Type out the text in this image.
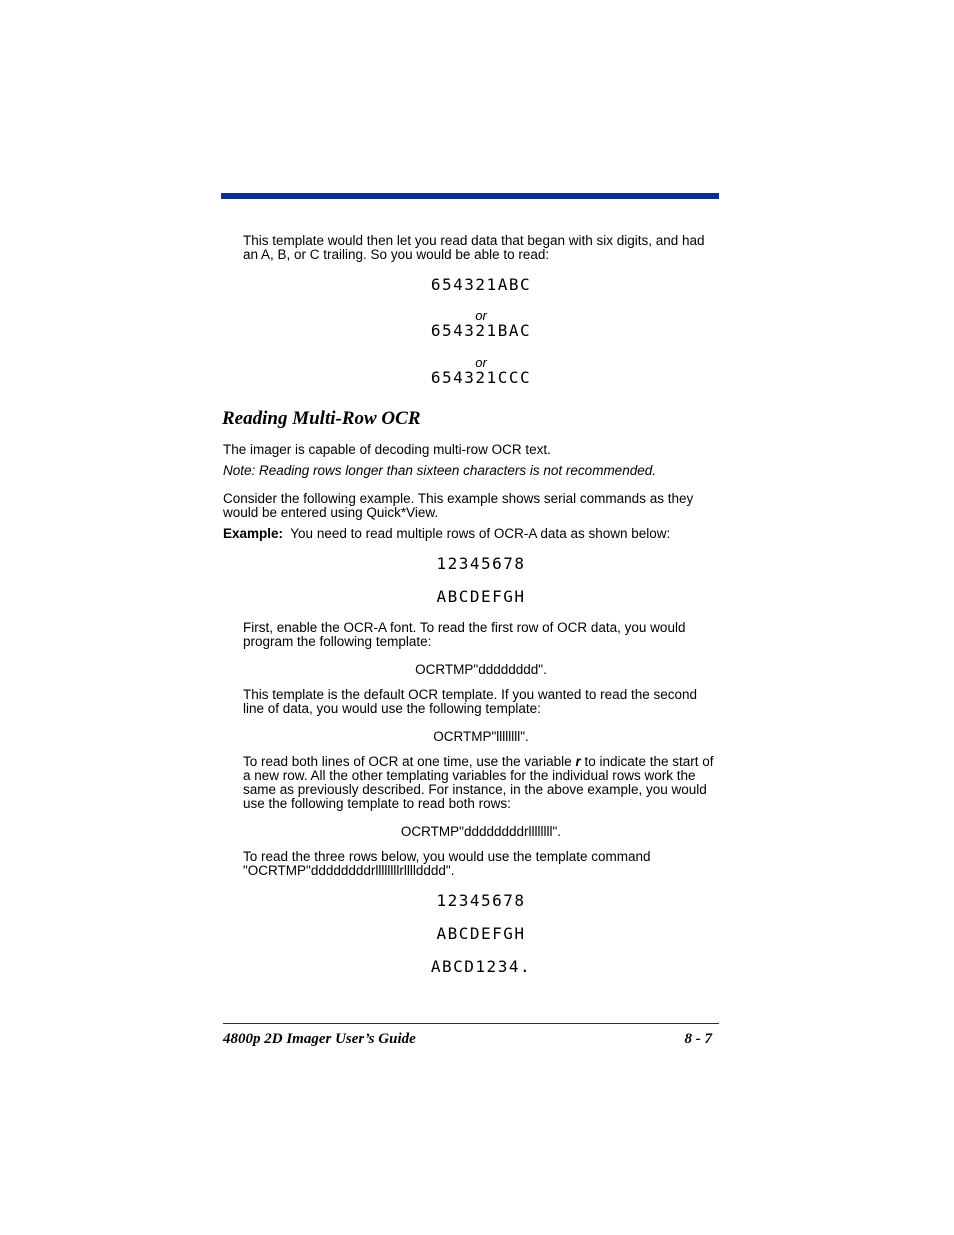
This template would then let you read data that began with six digits, and had an A, B, or C trailing. So you would be able to read:

654321ABC
or
654321BAC
or
654321CCC
Reading Multi-Row OCR

The imager is capable of decoding multi-row OCR text.

Note: Reading rows longer than sixteen characters is not recommended.

Consider the following example. This example shows serial commands as they would be entered using Quick*View.

Example:  You need to read multiple rows of OCR-A data as shown below:

12345678
ABCDEFGH

First, enable the OCR-A font. To read the first row of OCR data, you would program the following template:

OCRTMP"dddddddd".

This template is the default OCR template. If you wanted to read the second line of data, you would use the following template:

OCRTMP"llllllll".

To read both lines of OCR at one time, use the variable r to indicate the start of a new row. All the other templating variables for the individual rows work the same as previously described. For instance, in the above example, you would use the following template to read both rows:

OCRTMP"ddddddddrllllllll".

To read the three rows below, you would use the template command "OCRTMP"ddddddddrllllllllrlllldddd".

12345678
ABCDEFGH
ABCD1234.
4800p 2D Imager User’s Guide	8 - 7
